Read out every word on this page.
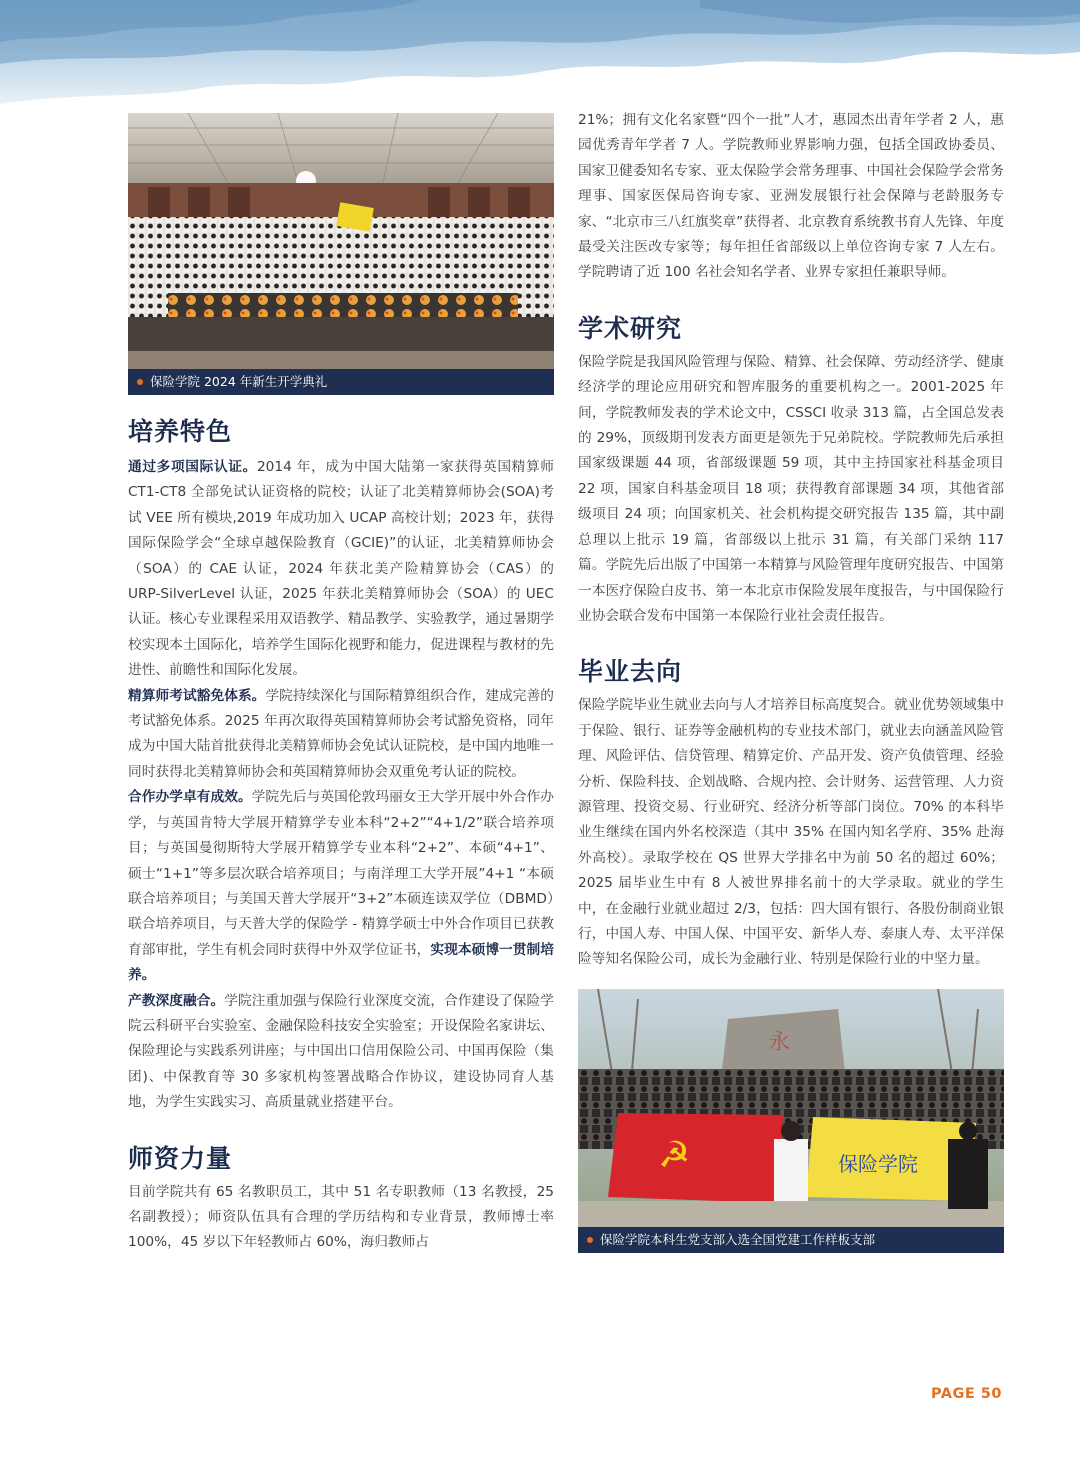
保险学院 2024 年新生开学典礼
培养特色

通过多项国际认证。2014 年，成为中国大陆第一家获得英国精算师 CT1-CT8 全部免试认证资格的院校；认证了北美精算师协会(SOA)考试 VEE 所有模块,2019 年成功加入 UCAP 高校计划；2023 年，获得国际保险学会“全球卓越保险教育（GCIE)”的认证，北美精算师协会（SOA）的 CAE 认证，2024 年获北美产险精算协会（CAS）的 URP-SilverLevel 认证，2025 年获北美精算师协会（SOA）的 UEC 认证。核心专业课程采用双语教学、精品教学、实验教学，通过暑期学校实现本土国际化，培养学生国际化视野和能力，促进课程与教材的先进性、前瞻性和国际化发展。

精算师考试豁免体系。学院持续深化与国际精算组织合作，建成完善的考试豁免体系。2025 年再次取得英国精算师协会考试豁免资格，同年成为中国大陆首批获得北美精算师协会免试认证院校，是中国内地唯一同时获得北美精算师协会和英国精算师协会双重免考认证的院校。

合作办学卓有成效。学院先后与英国伦敦玛丽女王大学开展中外合作办学，与英国肯特大学展开精算学专业本科“2+2”“4+1/2”联合培养项目；与英国曼彻斯特大学展开精算学专业本科“2+2”、本硕“4+1”、硕士“1+1”等多层次联合培养项目；与南洋理工大学开展”4+1 “本硕联合培养项目；与美国天普大学展开“3+2”本硕连读双学位（DBMD）联合培养项目，与天普大学的保险学 - 精算学硕士中外合作项目已获教育部审批，学生有机会同时获得中外双学位证书，实现本硕博一贯制培养。

产教深度融合。学院注重加强与保险行业深度交流，合作建设了保险学院云科研平台实验室、金融保险科技安全实验室；开设保险名家讲坛、保险理论与实践系列讲座；与中国出口信用保险公司、中国再保险（集团)、中保教育等 30 多家机构签署战略合作协议，建设协同育人基地，为学生实践实习、高质量就业搭建平台。

师资力量

目前学院共有 65 名教职员工，其中 51 名专职教师（13 名教授，25 名副教授）；师资队伍具有合理的学历结构和专业背景，教师博士率 100%，45 岁以下年轻教师占 60%，海归教师占

21%；拥有文化名家暨“四个一批”人才，惠园杰出青年学者 2 人，惠园优秀青年学者 7 人。学院教师业界影响力强，包括全国政协委员、国家卫健委知名专家、亚太保险学会常务理事、中国社会保险学会常务理事、国家医保局咨询专家、亚洲发展银行社会保障与老龄服务专家、“北京市三八红旗奖章”获得者、北京教育系统教书育人先锋、年度最受关注医改专家等；每年担任省部级以上单位咨询专家 7 人左右。学院聘请了近 100 名社会知名学者、业界专家担任兼职导师。

学术研究

保险学院是我国风险管理与保险、精算、社会保障、劳动经济学、健康经济学的理论应用研究和智库服务的重要机构之一。2001-2025 年间，学院教师发表的学术论文中，CSSCI 收录 313 篇，占全国总发表的 29%，顶级期刊发表方面更是领先于兄弟院校。学院教师先后承担国家级课题 44 项，省部级课题 59 项，其中主持国家社科基金项目 22 项，国家自科基金项目 18 项；获得教育部课题 34 项，其他省部级项目 24 项；向国家机关、社会机构提交研究报告 135 篇，其中副总理以上批示 19 篇，省部级以上批示 31 篇，有关部门采纳 117 篇。学院先后出版了中国第一本精算与风险管理年度研究报告、中国第一本医疗保险白皮书、第一本北京市保险发展年度报告，与中国保险行业协会联合发布中国第一本保险行业社会责任报告。

毕业去向

保险学院毕业生就业去向与人才培养目标高度契合。就业优势领域集中于保险、银行、证券等金融机构的专业技术部门，就业去向涵盖风险管理、风险评估、信贷管理、精算定价、产品开发、资产负债管理、经验分析、保险科技、企划战略、合规内控、会计财务、运营管理、人力资源管理、投资交易、行业研究、经济分析等部门岗位。70% 的本科毕业生继续在国内外名校深造（其中 35% 在国内知名学府、35% 赴海外高校）。录取学校在 QS 世界大学排名中为前 50 名的超过 60%；2025 届毕业生中有 8 人被世界排名前十的大学录取。就业的学生中，在金融行业就业超过 2/3，包括：四大国有银行、各股份制商业银行，中国人寿、中国人保、中国平安、新华人寿、泰康人寿、太平洋保险等知名保险公司，成长为金融行业、特别是保险行业的中坚力量。

永
☭	保险学院
保险学院本科生党支部入选全国党建工作样板支部
PAGE 50
